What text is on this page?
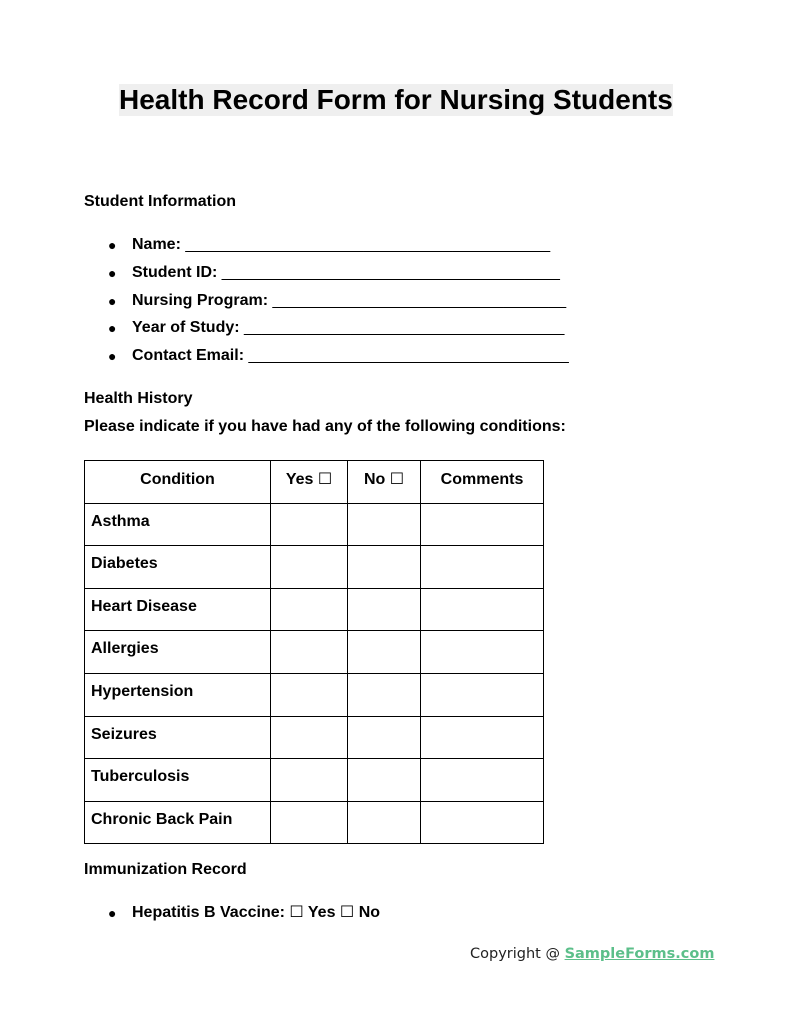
Health Record Form for Nursing Students
Student Information
● Name: _________________________________________
● Student ID: ______________________________________
● Nursing Program: _________________________________
● Year of Study: ____________________________________
● Contact Email: ____________________________________
Health History
Please indicate if you have had any of the following conditions:
Condition	Yes ☐	No ☐	Comments
Asthma			
Diabetes			
Heart Disease			
Allergies			
Hypertension			
Seizures			
Tuberculosis			
Chronic Back Pain			
Immunization Record
● Hepatitis B Vaccine: ☐ Yes ☐ No
Copyright @ SampleForms.com
